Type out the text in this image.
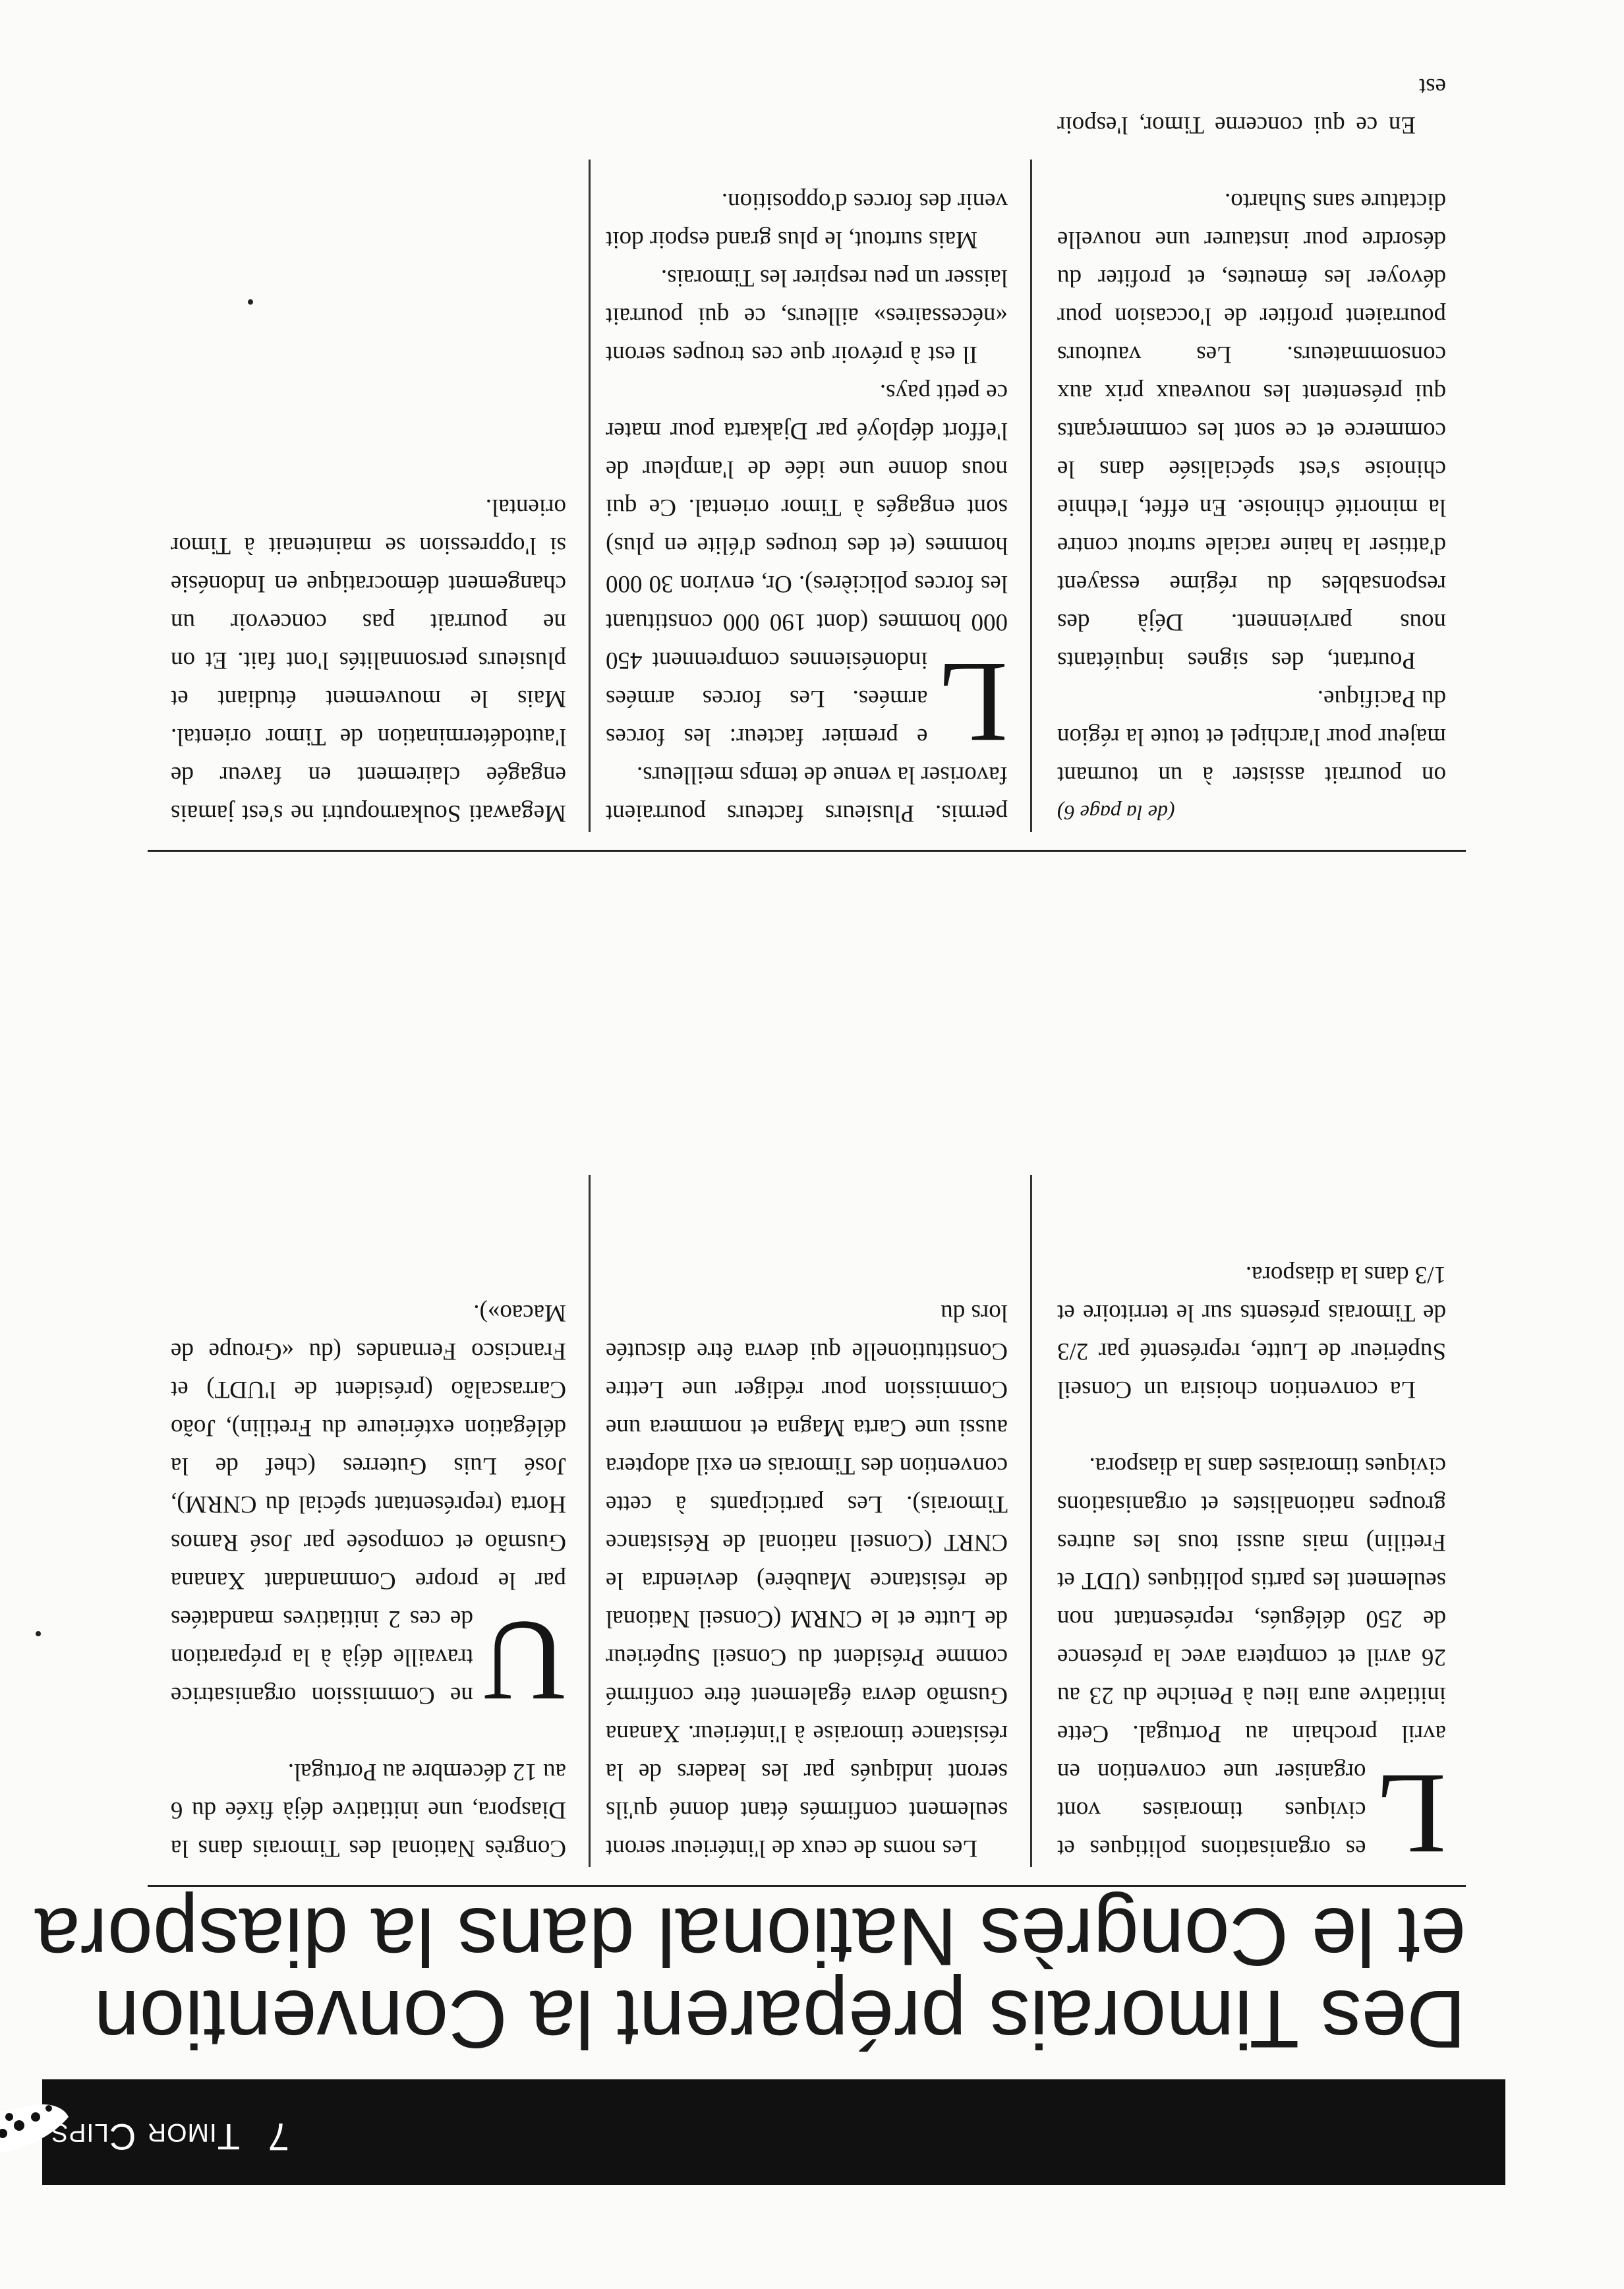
Timor Clips 7
Des Timorais préparent la Convention
et le Congrès National dans la diaspora

L
es organisations politiques et civiques timoraises vont organiser une convention en avril prochain au Portugal. Cette initiative aura lieu à Peniche du 23 au 26 avril et comptera avec la présence de 250 délégués, représentant non seulement les partis politiques (UDT et Fretilin) mais aussi tous les autres groupes nationalistes et organisations civiques timoraises dans la diaspora.

La convention choisira un Conseil Supérieur de Lutte, représenté par 2/3 de Timorais présents sur le territoire et 1/3 dans la diaspora.

Les noms de ceux de l'intérieur seront seulement confirmés étant donné qu'ils seront indiqués par les leaders de la résistance timoraise à l'intérieur. Xanana Gusmão devra également être confirmé comme Président du Conseil Supérieur de Lutte et le CNRM (Conseil National de résistance Maubère) deviendra le CNRT (Conseil national de Résistance Timorais). Les participants à cette convention des Timorais en exil adoptera aussi une Carta Magna et nommera une Commission pour rédiger une Lettre Constitutionelle qui devra être discutée lors du

Congrès National des Timorais dans la Diaspora, une initiative déjà fixée du 6 au 12 décembre au Portugal.

U
ne Commission organisatrice travaille déjà à la préparation de ces 2 initiatives mandatées par le propre Commandant Xanana Gusmão et composée par José Ramos Horta (représentant spécial du CNRM), José Luis Guterres (chef de la délégation extérieure du Fretilin), João Carrascalão (président de l'UDT) et Francisco Fernandes (du «Groupe de Macao»).

(de la page 6)

on pourrait assister à un tournant majeur pour l'archipel et toute la région du Pacifique.

Pourtant, des signes inquiétants nous parviennent. Déjà des responsables du régime essayent d'attiser la haine raciale surtout contre la minorité chinoise. En effet, l'ethnie chinoise s'est spécialisée dans le commerce et ce sont les commerçants qui présentent les nouveaux prix aux consommateurs. Les vautours pourraient profiter de l'occasion pour dévoyer les émeutes, et profiter du désordre pour instaurer une nouvelle dictature sans Suharto.

En ce qui concerne Timor, l'espoir est

permis. Plusieurs facteurs pourraient favoriser la venue de temps meilleurs.

L
e premier facteur: les forces armées. Les forces armées indonésiennes comprennent 450 000 hommes (dont 190 000 constituant les forces policières). Or, environ 30 000 hommes (et des troupes d'élite en plus) sont engagés à Timor oriental. Ce qui nous donne une idée de l'ampleur de l'effort déployé par Djakarta pour mater ce petit pays.

Il est à prévoir que ces troupes seront «nécessaires» ailleurs, ce qui pourrait laisser un peu respirer les Timorais.

Mais surtout, le plus grand espoir doit venir des forces d'opposition.

Megawati Soukarnoputri ne s'est jamais engagée clairement en faveur de l'autodétermination de Timor oriental. Mais le mouvement étudiant et plusieurs personnalités l'ont fait. Et on ne pourrait pas concevoir un changement démocratique en Indonésie si l'oppression se maintenait à Timor oriental.
